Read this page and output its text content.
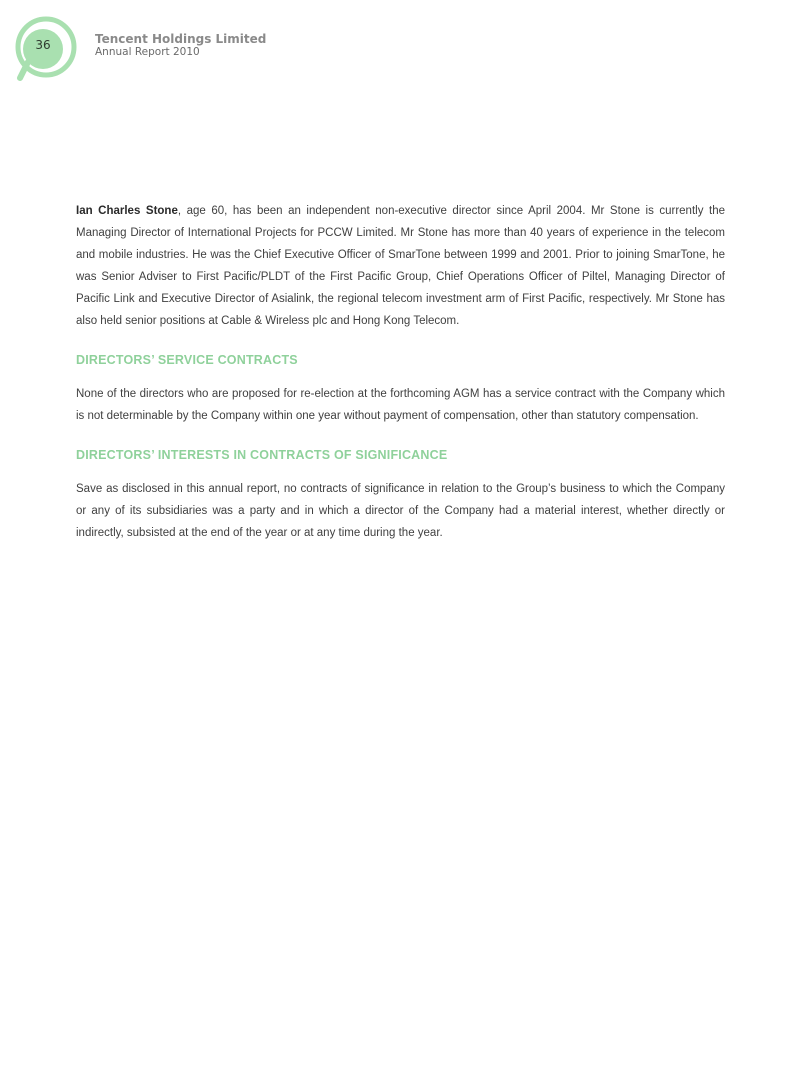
36	Tencent Holdings Limited
Annual Report 2010

Ian Charles Stone, age 60, has been an independent non-executive director since April 2004. Mr Stone is currently the Managing Director of International Projects for PCCW Limited. Mr Stone has more than 40 years of experience in the telecom and mobile industries. He was the Chief Executive Officer of SmarTone between 1999 and 2001. Prior to joining SmarTone, he was Senior Adviser to First Pacific/PLDT of the First Pacific Group, Chief Operations Officer of Piltel, Managing Director of Pacific Link and Executive Director of Asialink, the regional telecom investment arm of First Pacific, respectively. Mr Stone has also held senior positions at Cable & Wireless plc and Hong Kong Telecom.

DIRECTORS’ SERVICE CONTRACTS

None of the directors who are proposed for re-election at the forthcoming AGM has a service contract with the Company which is not determinable by the Company within one year without payment of compensation, other than statutory compensation.

DIRECTORS’ INTERESTS IN CONTRACTS OF SIGNIFICANCE

Save as disclosed in this annual report, no contracts of significance in relation to the Group’s business to which the Company or any of its subsidiaries was a party and in which a director of the Company had a material interest, whether directly or indirectly, subsisted at the end of the year or at any time during the year.
